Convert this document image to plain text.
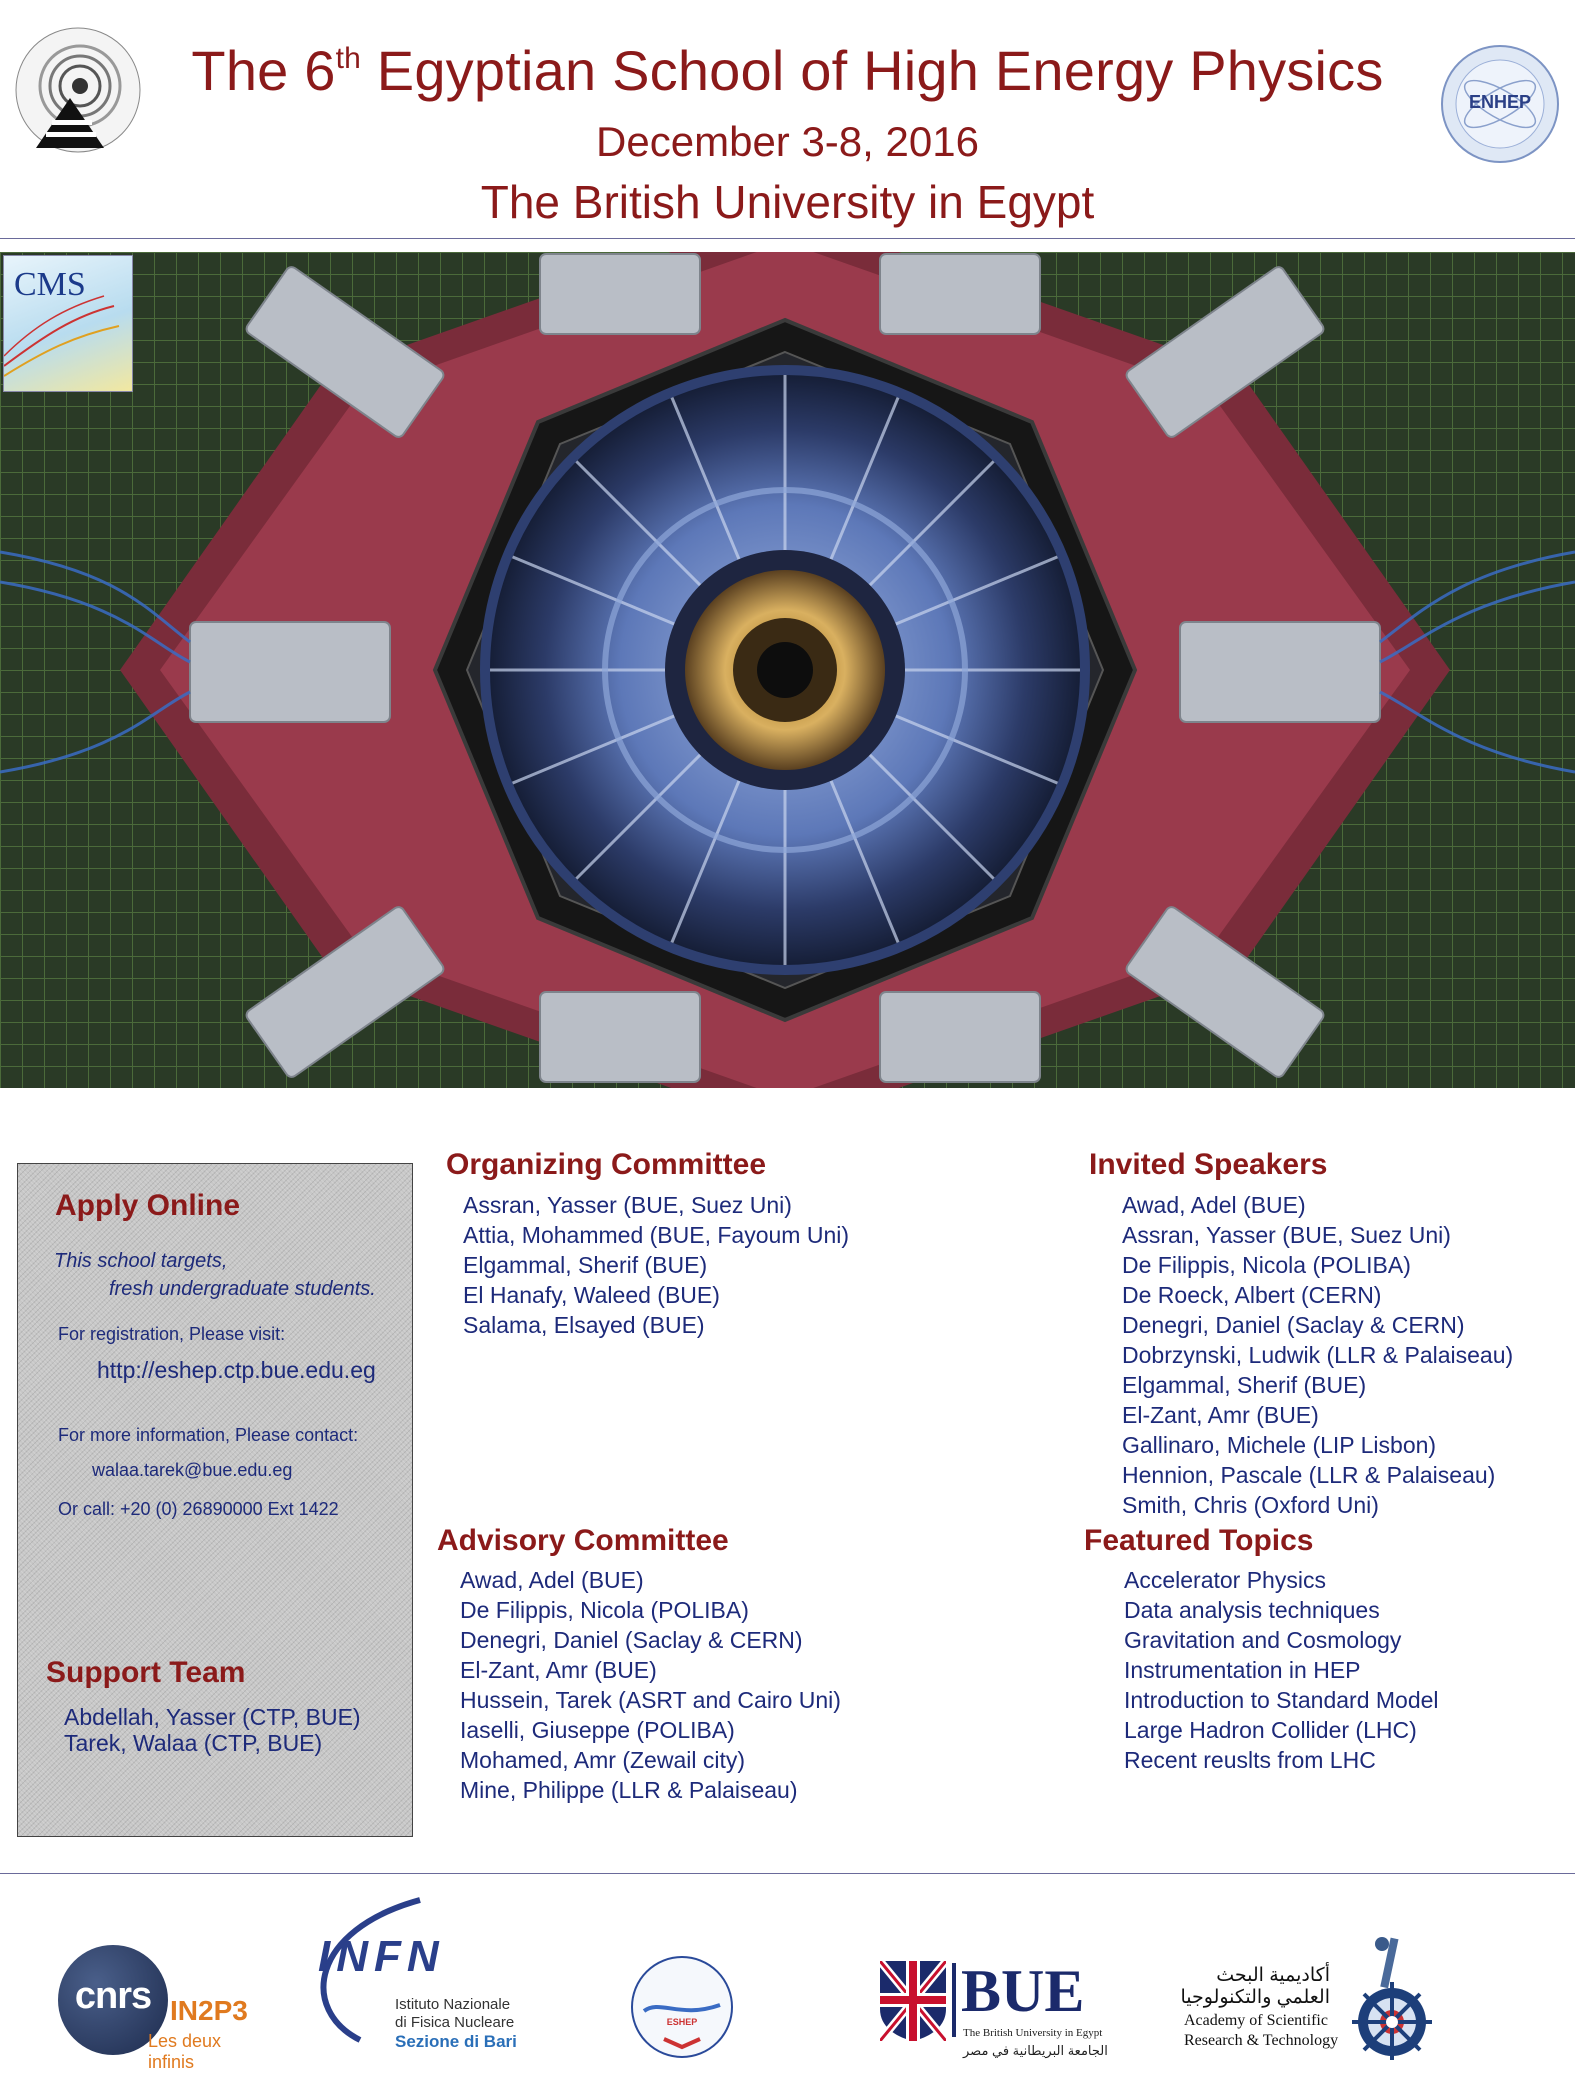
The 6th Egyptian School of High Energy Physics
December 3-8, 2016
The British University in Egypt
ENHEP
CMS
Apply Online
This school targets,
fresh undergraduate students.
For registration, Please visit:
http://eshep.ctp.bue.edu.eg
For more information, Please contact:
walaa.tarek@bue.edu.eg
Or call: +20 (0) 26890000 Ext 1422
Support Team
Abdellah, Yasser (CTP, BUE)
Tarek, Walaa (CTP, BUE)
Organizing Committee
Assran, Yasser (BUE, Suez Uni)
Attia, Mohammed (BUE, Fayoum Uni)
Elgammal, Sherif (BUE)
El Hanafy, Waleed (BUE)
Salama, Elsayed (BUE)
Advisory Committee
Awad, Adel (BUE)
De Filippis, Nicola (POLIBA)
Denegri, Daniel (Saclay & CERN)
El-Zant, Amr (BUE)
Hussein, Tarek (ASRT and Cairo Uni)
Iaselli, Giuseppe (POLIBA)
Mohamed, Amr (Zewail city)
Mine, Philippe (LLR & Palaiseau)
Invited Speakers
Awad, Adel (BUE)
Assran, Yasser (BUE, Suez Uni)
De Filippis, Nicola (POLIBA)
De Roeck, Albert (CERN)
Denegri, Daniel (Saclay & CERN)
Dobrzynski, Ludwik (LLR & Palaiseau)
Elgammal, Sherif (BUE)
El-Zant, Amr (BUE)
Gallinaro, Michele (LIP Lisbon)
Hennion, Pascale (LLR & Palaiseau)
Smith, Chris (Oxford Uni)
Featured Topics
Accelerator Physics
Data analysis techniques
Gravitation and Cosmology
Instrumentation in HEP
Introduction to Standard Model
Large Hadron Collider (LHC)
Recent reuslts from LHC
cnrs IN2P3
Les deux infinis
INFN
Istituto Nazionale
di Fisica Nucleare
Sezione di Bari
ESHEP	BUE
The British University in Egypt
الجامعة البريطانية في مصر
أكاديمية البحث
العلمي والتكنولوجيا
Academy of Scientific
Research & Technology
